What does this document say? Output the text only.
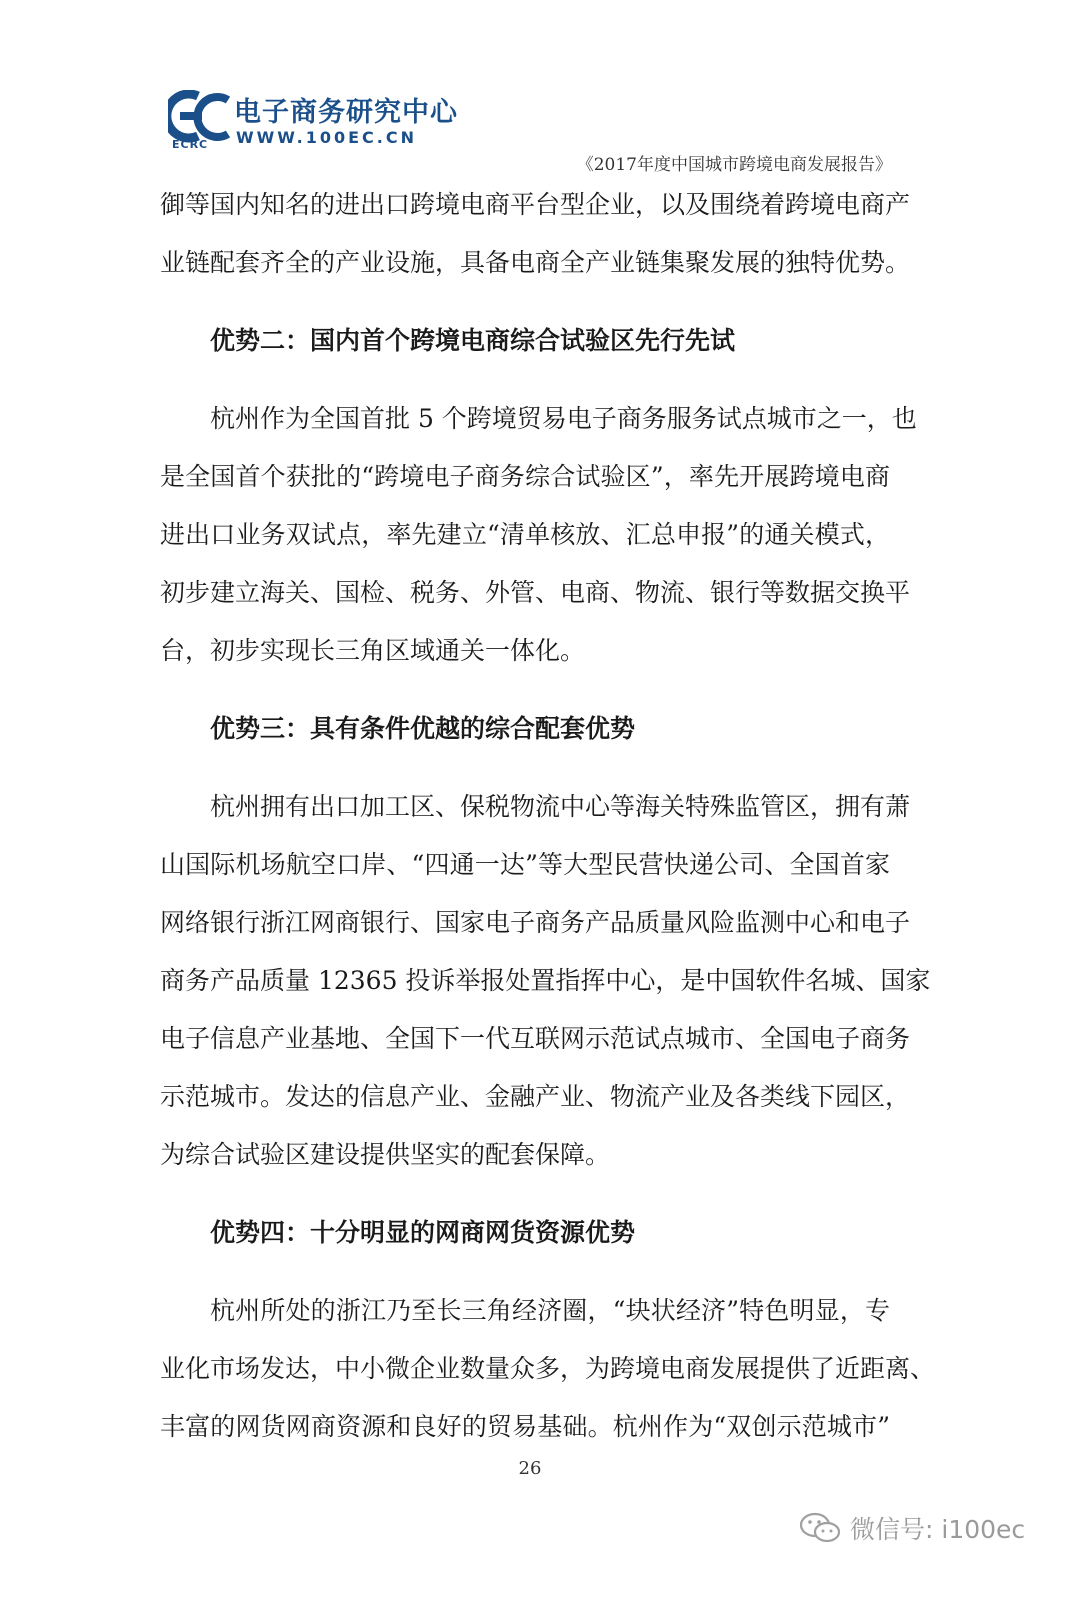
电子商务研究中心
WWW.100EC.CN
ECRC
《2017年度中国城市跨境电商发展报告》
御等国内知名的进出口跨境电商平台型企业，以及围绕着跨境电商产
业链配套齐全的产业设施，具备电商全产业链集聚发展的独特优势。
优势二：国内首个跨境电商综合试验区先行先试
杭州作为全国首批 5 个跨境贸易电子商务服务试点城市之一，也
是全国首个获批的“跨境电子商务综合试验区”，率先开展跨境电商
进出口业务双试点，率先建立“清单核放、汇总申报”的通关模式，
初步建立海关、国检、税务、外管、电商、物流、银行等数据交换平
台，初步实现长三角区域通关一体化。
优势三：具有条件优越的综合配套优势
杭州拥有出口加工区、保税物流中心等海关特殊监管区，拥有萧
山国际机场航空口岸、“四通一达”等大型民营快递公司、全国首家
网络银行浙江网商银行、国家电子商务产品质量风险监测中心和电子
商务产品质量 12365 投诉举报处置指挥中心，是中国软件名城、国家
电子信息产业基地、全国下一代互联网示范试点城市、全国电子商务
示范城市。发达的信息产业、金融产业、物流产业及各类线下园区，
为综合试验区建设提供坚实的配套保障。
优势四：十分明显的网商网货资源优势
杭州所处的浙江乃至长三角经济圈，“块状经济”特色明显，专
业化市场发达，中小微企业数量众多，为跨境电商发展提供了近距离、
丰富的网货网商资源和良好的贸易基础。杭州作为“双创示范城市”
26
微信号: i100ec
